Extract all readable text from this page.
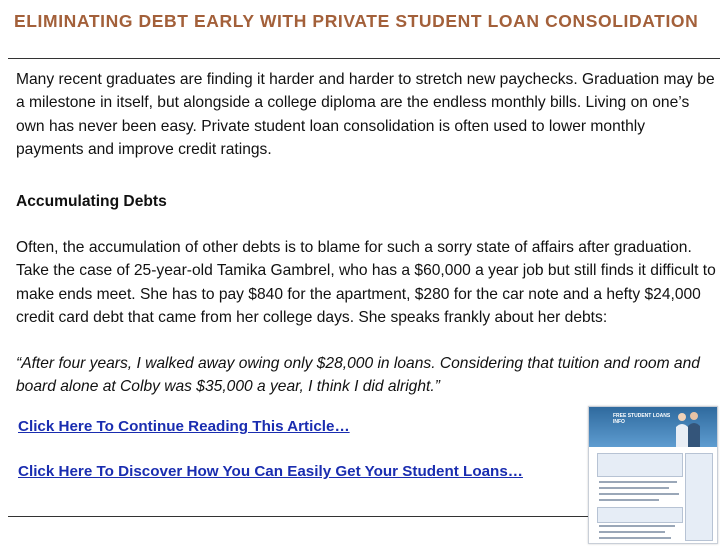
ELIMINATING DEBT EARLY WITH PRIVATE STUDENT LOAN CONSOLIDATION

Many recent graduates are finding it harder and harder to stretch new paychecks. Graduation may be a milestone in itself, but alongside a college diploma are the endless monthly bills. Living on one’s own has never been easy. Private student loan consolidation is often used to lower monthly payments and improve credit ratings.

Accumulating Debts

Often, the accumulation of other debts is to blame for such a sorry state of affairs after graduation. Take the case of 25-year-old Tamika Gambrel, who has a $60,000 a year job but still finds it difficult to make ends meet. She has to pay $840 for the apartment, $280 for the car note and a hefty $24,000 credit card debt that came from her college days. She speaks frankly about her debts:

“After four years, I walked away owing only $28,000 in loans. Considering that tuition and room and board alone at Colby was $35,000 a year, I think I did alright.”

Click Here To Continue Reading This Article…
Click Here To Discover How You Can Easily Get Your Student Loans…
FREE STUDENT LOANS INFO
